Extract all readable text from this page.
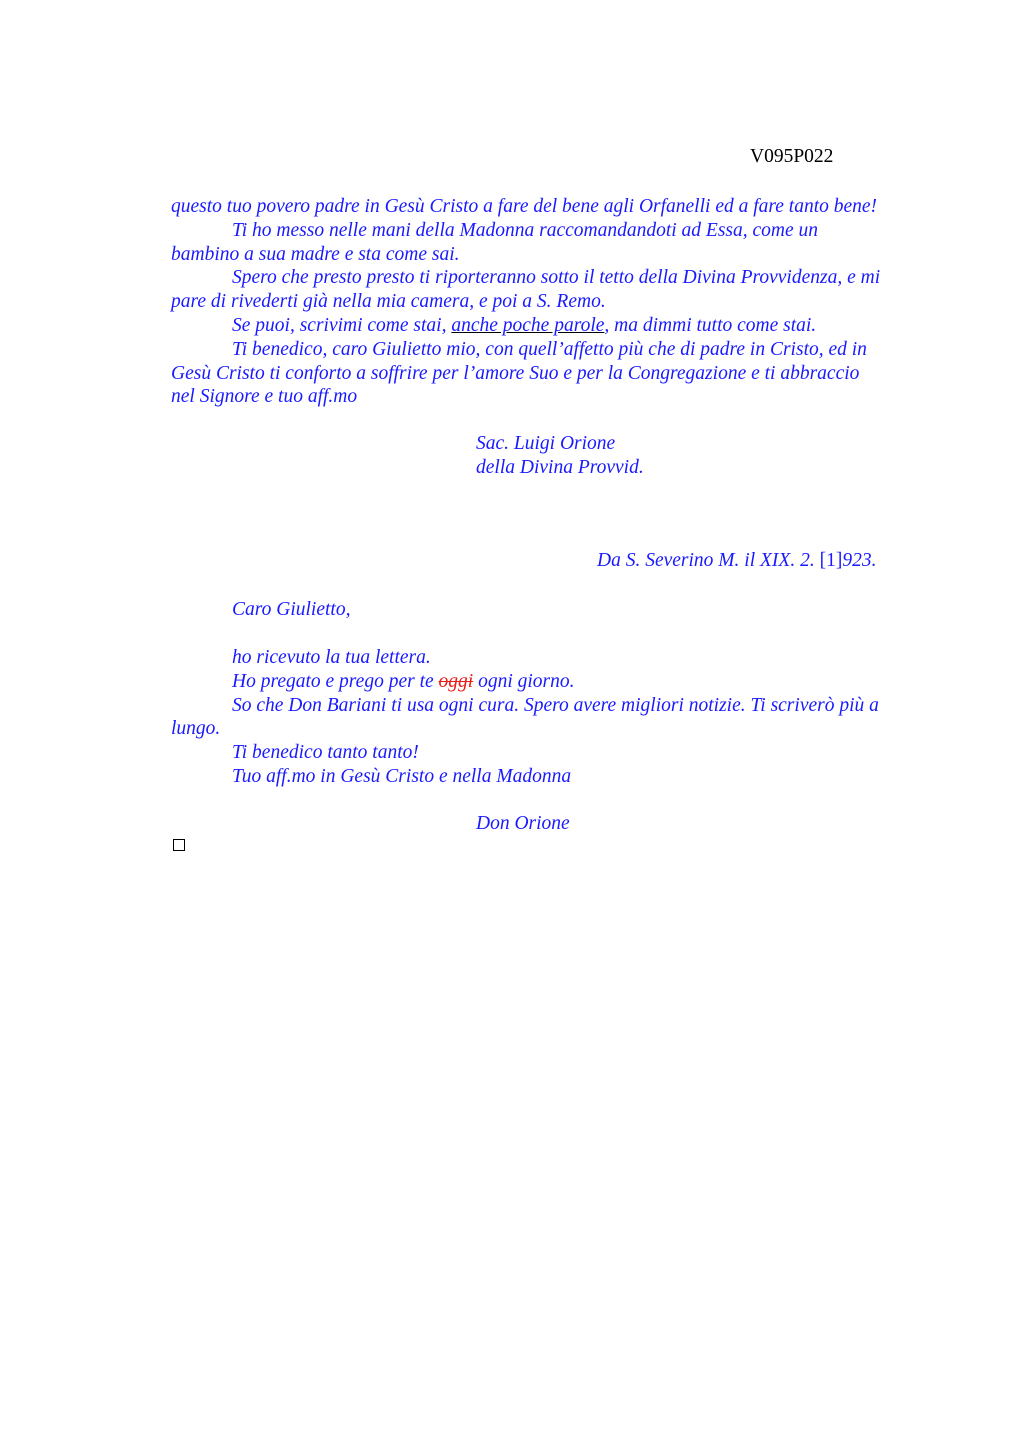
V095P022
questo tuo povero padre in Gesù Cristo a fare del bene agli Orfanelli ed a fare tanto bene!
Ti ho messo nelle mani della Madonna raccomandandoti ad Essa, come un
bambino a sua madre e sta come sai.
Spero che presto presto ti riporteranno sotto il tetto della Divina Provvidenza, e mi
pare di rivederti già nella mia camera, e poi a S. Remo.
Se puoi, scrivimi come stai, anche poche parole, ma dimmi tutto come stai.
Ti benedico, caro Giulietto mio, con quell’affetto più che di padre in Cristo, ed in
Gesù Cristo ti conforto a soffrire per l’amore Suo e per la Congregazione e ti abbraccio
nel Signore e tuo aff.mo
Sac. Luigi Orione
della Divina Provvid.
Da S. Severino M. il XIX. 2. [1]923.
Caro Giulietto,
ho ricevuto la tua lettera.
Ho pregato e prego per te oggi ogni giorno.
So che Don Bariani ti usa ogni cura. Spero avere migliori notizie. Ti scriverò più a
lungo.
Ti benedico tanto tanto!
Tuo aff.mo in Gesù Cristo e nella Madonna
Don Orione
